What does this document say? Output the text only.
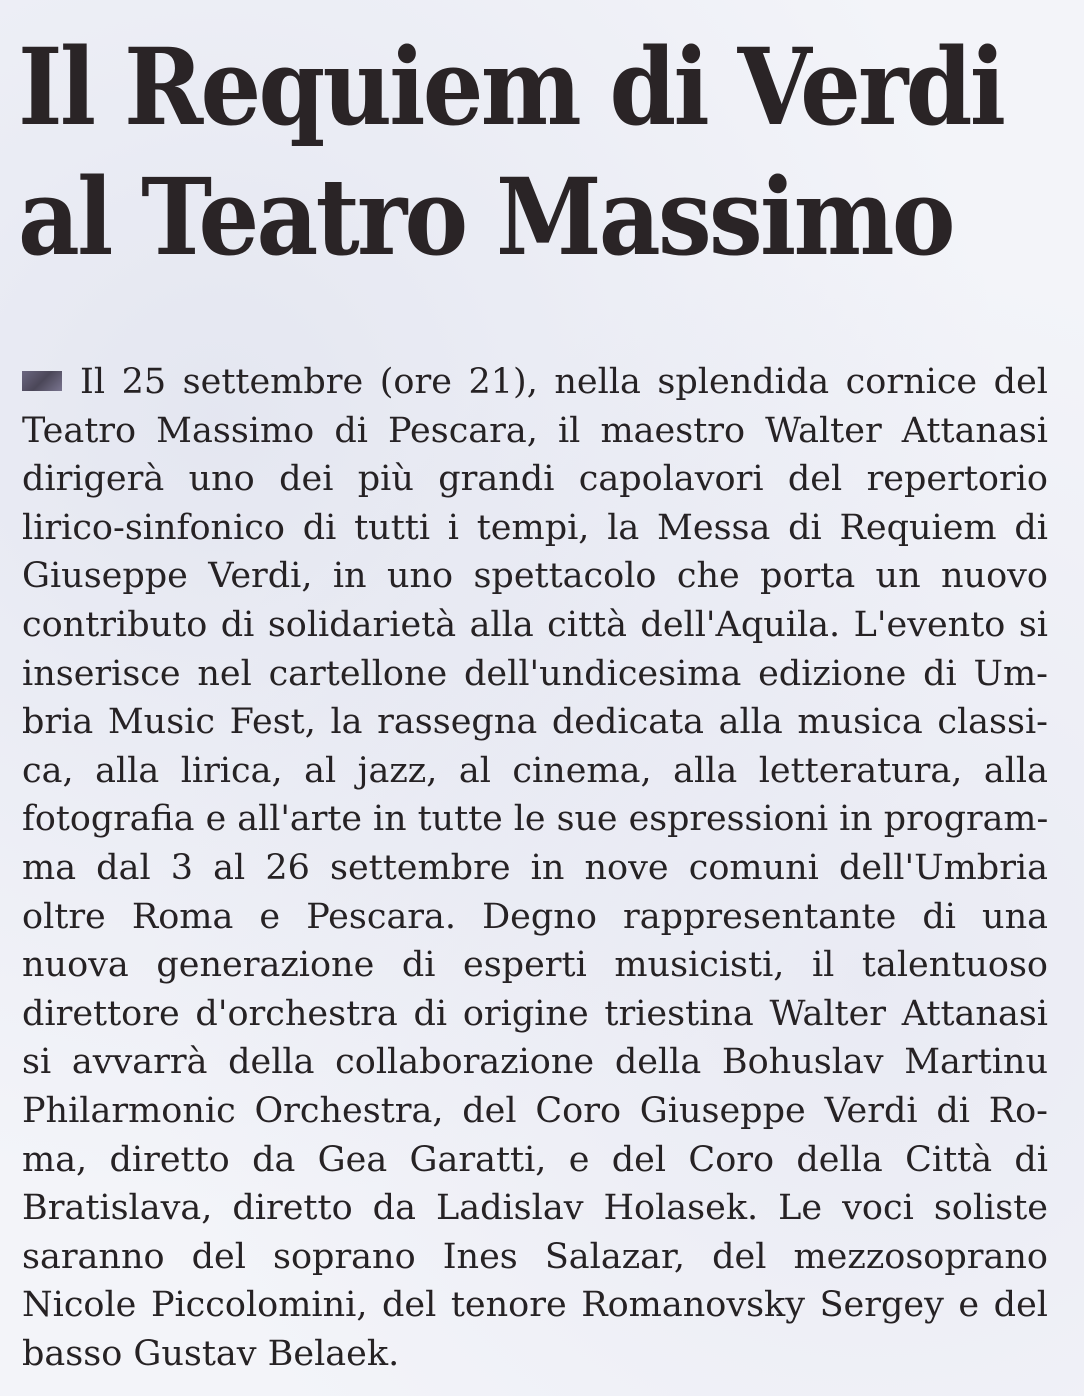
Il Requiem di Verdi
al Teatro Massimo
Il 25 settembre (ore 21), nella splendida cornice del
Teatro Massimo di Pescara, il maestro Walter Attanasi
dirigerà uno dei più grandi capolavori del repertorio
lirico-sinfonico di tutti i tempi, la Messa di Requiem di
Giuseppe Verdi, in uno spettacolo che porta un nuovo
contributo di solidarietà alla città dell'Aquila. L'evento si
inserisce nel cartellone dell'undicesima edizione di Um-
bria Music Fest, la rassegna dedicata alla musica classi-
ca, alla lirica, al jazz, al cinema, alla letteratura, alla
fotografia e all'arte in tutte le sue espressioni in program-
ma dal 3 al 26 settembre in nove comuni dell'Umbria
oltre Roma e Pescara. Degno rappresentante di una
nuova generazione di esperti musicisti, il talentuoso
direttore d'orchestra di origine triestina Walter Attanasi
si avvarrà della collaborazione della Bohuslav Martinu
Philarmonic Orchestra, del Coro Giuseppe Verdi di Ro-
ma, diretto da Gea Garatti, e del Coro della Città di
Bratislava, diretto da Ladislav Holasek. Le voci soliste
saranno del soprano Ines Salazar, del mezzosoprano
Nicole Piccolomini, del tenore Romanovsky Sergey e del
basso Gustav Belaek.
